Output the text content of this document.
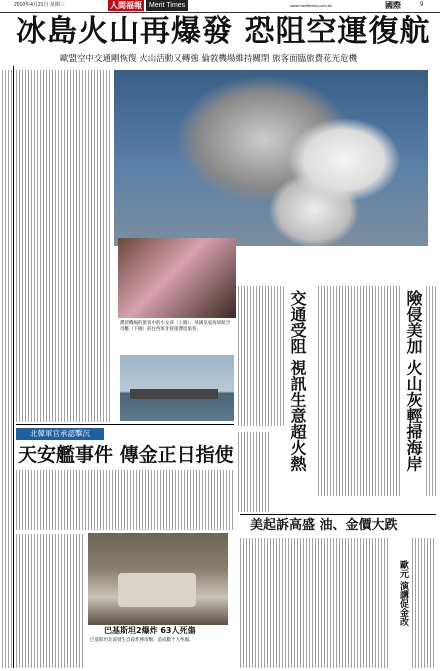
2010年4月21日 星期三	人間福報	Merit Times	www.merittimes.com.tw	國際	9
冰島火山再爆發 恐阻空運復航
歐盟空中交通剛恢復 火山活動又轉強 倫敦機場維持關閉 旅客面臨旅費花光危機
冰島火山爆發的濃煙雲遮蔽空中交通，十九日拍攝自空中，數千乘客因此滯留。
滯留機場的旅客中的小女孩（上圖）；英國皇家海軍航空母艦（下圖）前往西班牙接運滯留旅客。	交通受阻 視訊生意超火熱	險侵美加 火山灰輕掃海岸
北韓軍官承認擊沉
天安艦事件 傳金正日指使
巴基斯坦2爆炸 63人死傷
巴基斯坦北部發生自殺炸彈攻擊，造成數十人死傷。
美起訴高盛 油、金價大跌
歐元 演講促金改
